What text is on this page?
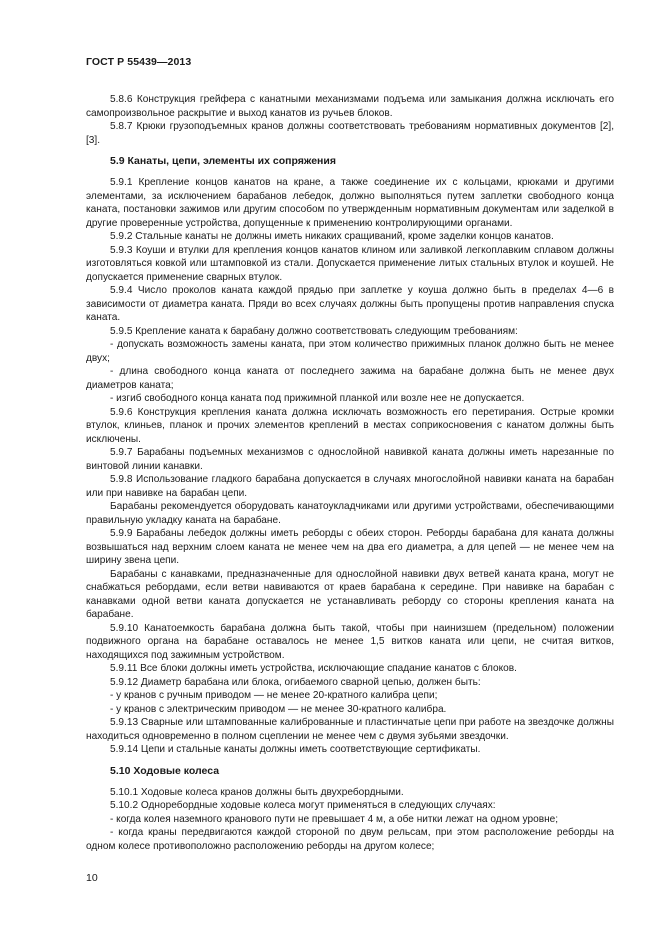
ГОСТ Р 55439—2013

5.8.6 Конструкция грейфера с канатными механизмами подъема или замыкания должна исключать его самопроизвольное раскрытие и выход канатов из ручьев блоков.

5.8.7 Крюки грузоподъемных кранов должны соответствовать требованиям нормативных документов [2], [3].

5.9 Канаты, цепи, элементы их сопряжения

5.9.1 Крепление концов канатов на кране, а также соединение их с кольцами, крюками и другими элементами, за исключением барабанов лебедок, должно выполняться путем заплетки свободного конца каната, постановки зажимов или другим способом по утвержденным нормативным документам или заделкой в другие проверенные устройства, допущенные к применению контролирующими органами.

5.9.2 Стальные канаты не должны иметь никаких сращиваний, кроме заделки концов канатов.

5.9.3 Коуши и втулки для крепления концов канатов клином или заливкой легкоплавким сплавом должны изготовляться ковкой или штамповкой из стали. Допускается применение литых стальных втулок и коушей. Не допускается применение сварных втулок.

5.9.4 Число проколов каната каждой прядью при заплетке у коуша должно быть в пределах 4—6 в зависимости от диаметра каната. Пряди во всех случаях должны быть пропущены против направления спуска каната.

5.9.5 Крепление каната к барабану должно соответствовать следующим требованиям:

- допускать возможность замены каната, при этом количество прижимных планок должно быть не менее двух;

- длина свободного конца каната от последнего зажима на барабане должна быть не менее двух диаметров каната;

- изгиб свободного конца каната под прижимной планкой или возле нее не допускается.

5.9.6 Конструкция крепления каната должна исключать возможность его перетирания. Острые кромки втулок, клиньев, планок и прочих элементов креплений в местах соприкосновения с канатом должны быть исключены.

5.9.7 Барабаны подъемных механизмов с однослойной навивкой каната должны иметь нарезанные по винтовой линии канавки.

5.9.8 Использование гладкого барабана допускается в случаях многослойной навивки каната на барабан или при навивке на барабан цепи.

Барабаны рекомендуется оборудовать канатоукладчиками или другими устройствами, обеспечивающими правильную укладку каната на барабане.

5.9.9 Барабаны лебедок должны иметь реборды с обеих сторон. Реборды барабана для каната должны возвышаться над верхним слоем каната не менее чем на два его диаметра, а для цепей — не менее чем на ширину звена цепи.

Барабаны с канавками, предназначенные для однослойной навивки двух ветвей каната крана, могут не снабжаться ребордами, если ветви навиваются от краев барабана к середине. При навивке на барабан с канавками одной ветви каната допускается не устанавливать реборду со стороны крепления каната на барабане.

5.9.10 Канатоемкость барабана должна быть такой, чтобы при наинизшем (предельном) положении подвижного органа на барабане оставалось не менее 1,5 витков каната или цепи, не считая витков, находящихся под зажимным устройством.

5.9.11 Все блоки должны иметь устройства, исключающие спадание канатов с блоков.

5.9.12 Диаметр барабана или блока, огибаемого сварной цепью, должен быть:

- у кранов с ручным приводом — не менее 20-кратного калибра цепи;

- у кранов с электрическим приводом — не менее 30-кратного калибра.

5.9.13 Сварные или штампованные калиброванные и пластинчатые цепи при работе на звездочке должны находиться одновременно в полном сцеплении не менее чем с двумя зубьями звездочки.

5.9.14 Цепи и стальные канаты должны иметь соответствующие сертификаты.

5.10 Ходовые колеса

5.10.1 Ходовые колеса кранов должны быть двухребордными.

5.10.2 Одноребордные ходовые колеса могут применяться в следующих случаях:

- когда колея наземного кранового пути не превышает 4 м, а обе нитки лежат на одном уровне;

- когда краны передвигаются каждой стороной по двум рельсам, при этом расположение реборды на одном колесе противоположно расположению реборды на другом колесе;

10
